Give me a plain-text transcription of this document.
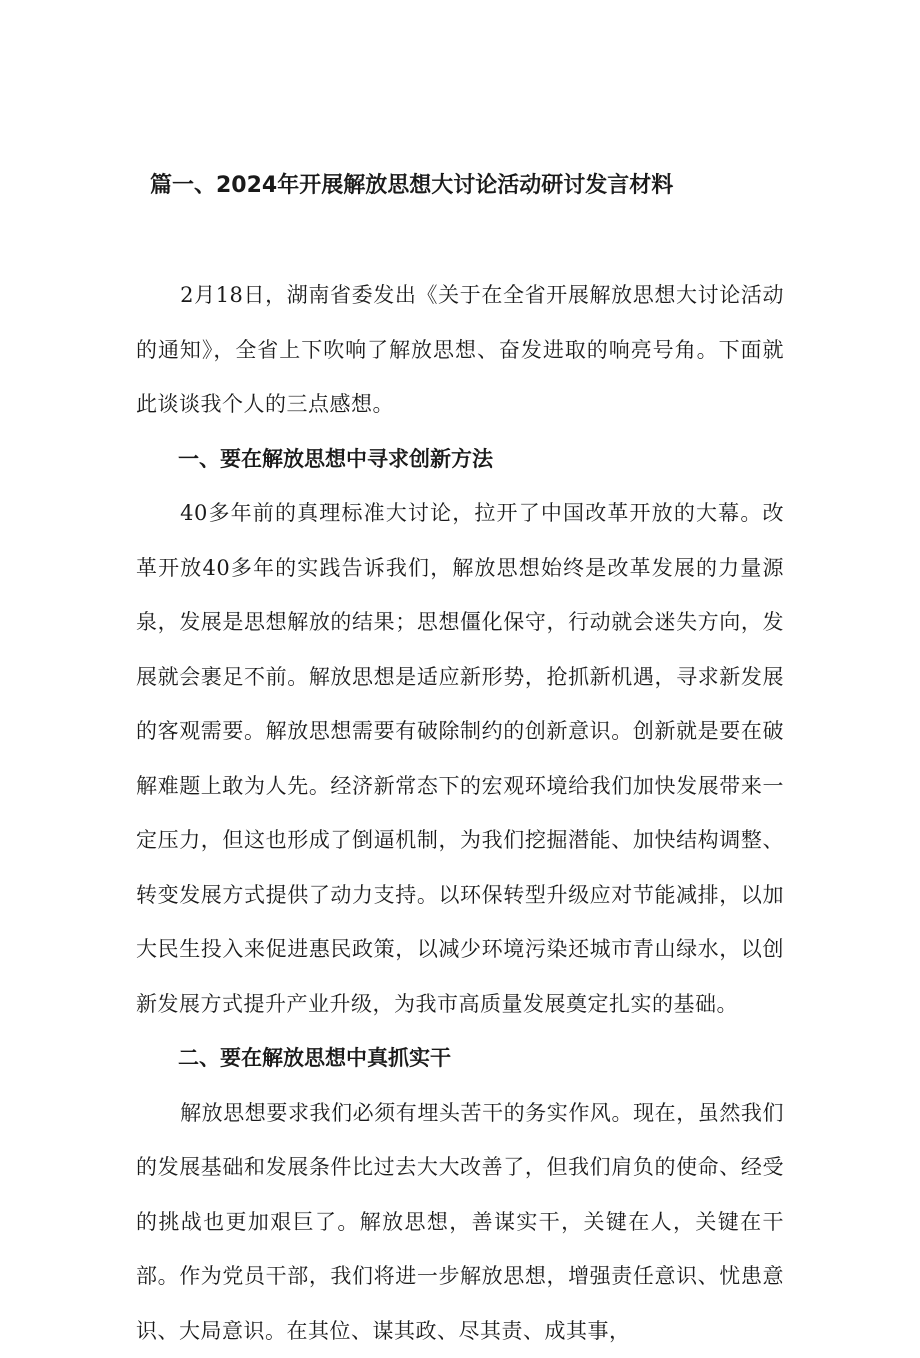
篇一、2024年开展解放思想大讨论活动研讨发言材料

2月18日，湖南省委发出《关于在全省开展解放思想大讨论活动的通知》，全省上下吹响了解放思想、奋发进取的响亮号角。下面就此谈谈我个人的三点感想。

一、要在解放思想中寻求创新方法

40多年前的真理标准大讨论，拉开了中国改革开放的大幕。改革开放40多年的实践告诉我们，解放思想始终是改革发展的力量源泉，发展是思想解放的结果；思想僵化保守，行动就会迷失方向，发展就会裹足不前。解放思想是适应新形势，抢抓新机遇，寻求新发展的客观需要。解放思想需要有破除制约的创新意识。创新就是要在破解难题上敢为人先。经济新常态下的宏观环境给我们加快发展带来一定压力，但这也形成了倒逼机制，为我们挖掘潜能、加快结构调整、转变发展方式提供了动力支持。以环保转型升级应对节能减排，以加大民生投入来促进惠民政策，以减少环境污染还城市青山绿水，以创新发展方式提升产业升级，为我市高质量发展奠定扎实的基础。

二、要在解放思想中真抓实干

解放思想要求我们必须有埋头苦干的务实作风。现在，虽然我们的发展基础和发展条件比过去大大改善了，但我们肩负的使命、经受的挑战也更加艰巨了。解放思想，善谋实干，关键在人，关键在干部。作为党员干部，我们将进一步解放思想，增强责任意识、忧患意识、大局意识。在其位、谋其政、尽其责、成其事，
